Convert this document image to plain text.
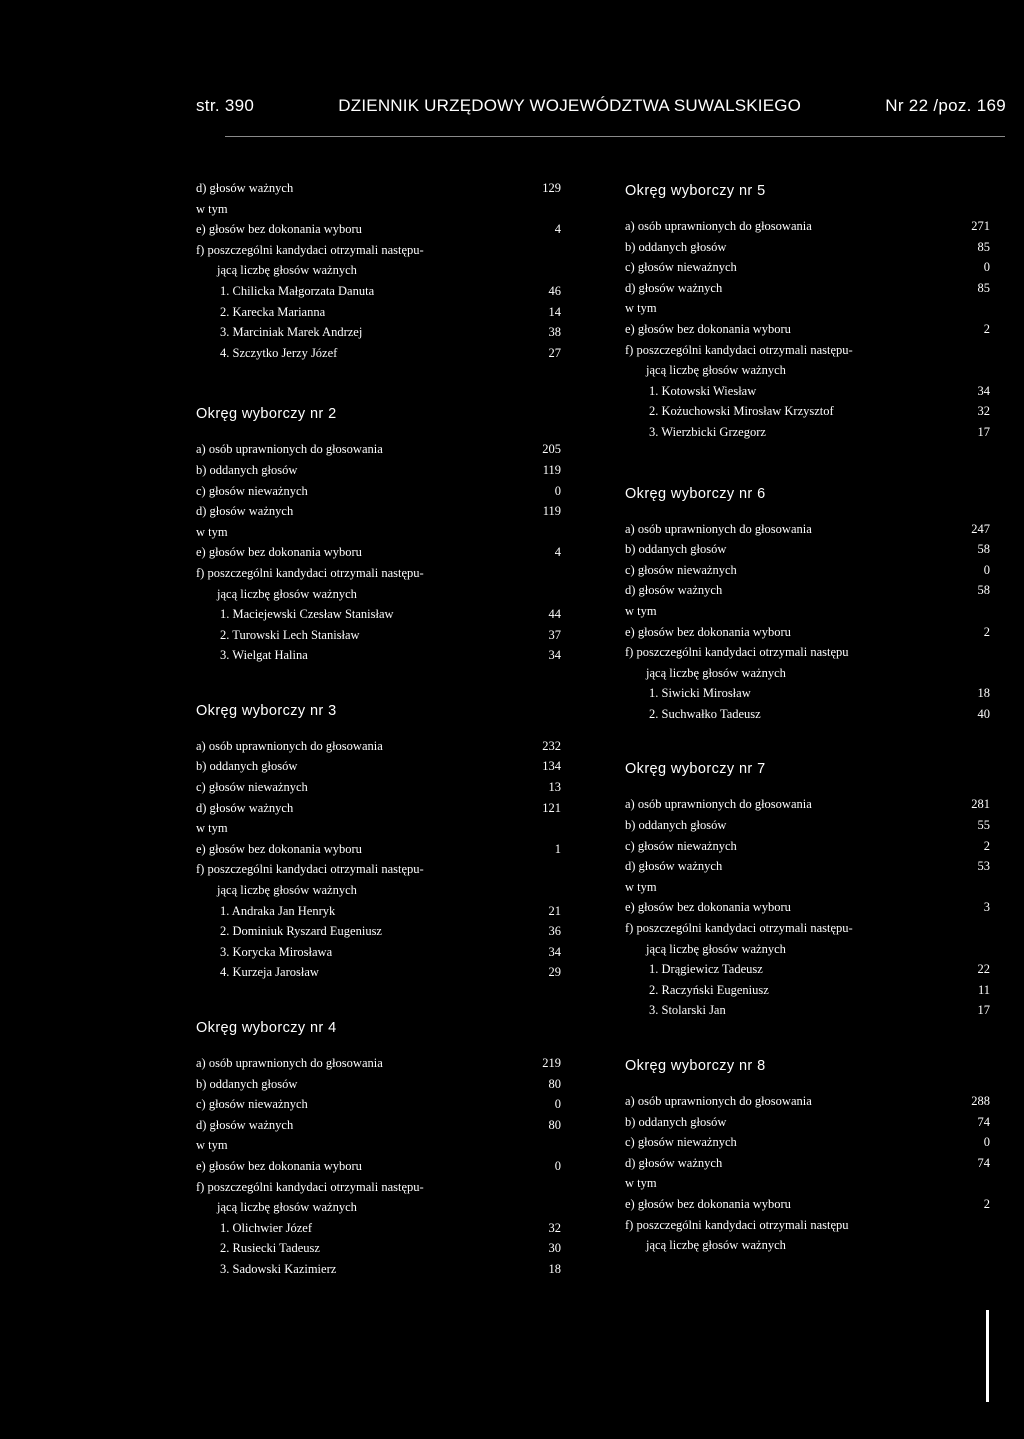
str. 390	DZIENNIK URZĘDOWY WOJEWÓDZTWA SUWALSKIEGO	Nr 22 /poz. 169
d) głosów ważnych	129
w tym
e) głosów bez dokonania wyboru	4
f) poszczególni kandydaci otrzymali następu-
jącą liczbę głosów ważnych
1. Chilicka Małgorzata Danuta	46
2. Karecka Marianna	14
3. Marciniak Marek Andrzej	38
4. Szczytko Jerzy Józef	27
Okręg wyborczy nr 2
a) osób uprawnionych do głosowania	205
b) oddanych głosów	119
c) głosów nieważnych	0
d) głosów ważnych	119
w tym
e) głosów bez dokonania wyboru	4
f) poszczególni kandydaci otrzymali następu-
jącą liczbę głosów ważnych
1. Maciejewski Czesław Stanisław	44
2. Turowski Lech Stanisław	37
3. Wielgat Halina	34
Okręg wyborczy nr 3
a) osób uprawnionych do głosowania	232
b) oddanych głosów	134
c) głosów nieważnych	13
d) głosów ważnych	121
w tym
e) głosów bez dokonania wyboru	1
f) poszczególni kandydaci otrzymali następu-
jącą liczbę głosów ważnych
1. Andraka Jan Henryk	21
2. Dominiuk Ryszard Eugeniusz	36
3. Korycka Mirosława	34
4. Kurzeja Jarosław	29
Okręg wyborczy nr 4
a) osób uprawnionych do głosowania	219
b) oddanych głosów	80
c) głosów nieważnych	0
d) głosów ważnych	80
w tym
e) głosów bez dokonania wyboru	0
f) poszczególni kandydaci otrzymali następu-
jącą liczbę głosów ważnych
1. Olichwier Józef	32
2. Rusiecki Tadeusz	30
3. Sadowski Kazimierz	18
Okręg wyborczy nr 5
a) osób uprawnionych do głosowania	271
b) oddanych głosów	85
c) głosów nieważnych	0
d) głosów ważnych	85
w tym
e) głosów bez dokonania wyboru	2
f) poszczególni kandydaci otrzymali następu-
jącą liczbę głosów ważnych
1. Kotowski Wiesław	34
2. Kożuchowski Mirosław Krzysztof	32
3. Wierzbicki Grzegorz	17
Okręg wyborczy nr 6
a) osób uprawnionych do głosowania	247
b) oddanych głosów	58
c) głosów nieważnych	0
d) głosów ważnych	58
w tym
e) głosów bez dokonania wyboru	2
f) poszczególni kandydaci otrzymali następu
jącą liczbę głosów ważnych
1. Siwicki Mirosław	18
2. Suchwałko Tadeusz	40
Okręg wyborczy nr 7
a) osób uprawnionych do głosowania	281
b) oddanych głosów	55
c) głosów nieważnych	2
d) głosów ważnych	53
w tym
e) głosów bez dokonania wyboru	3
f) poszczególni kandydaci otrzymali następu-
jącą liczbę głosów ważnych
1. Drągiewicz Tadeusz	22
2. Raczyński Eugeniusz	11
3. Stolarski Jan	17
Okręg wyborczy nr 8
a) osób uprawnionych do głosowania	288
b) oddanych głosów	74
c) głosów nieważnych	0
d) głosów ważnych	74
w tym
e) głosów bez dokonania wyboru	2
f) poszczególni kandydaci otrzymali następu
jącą liczbę głosów ważnych
